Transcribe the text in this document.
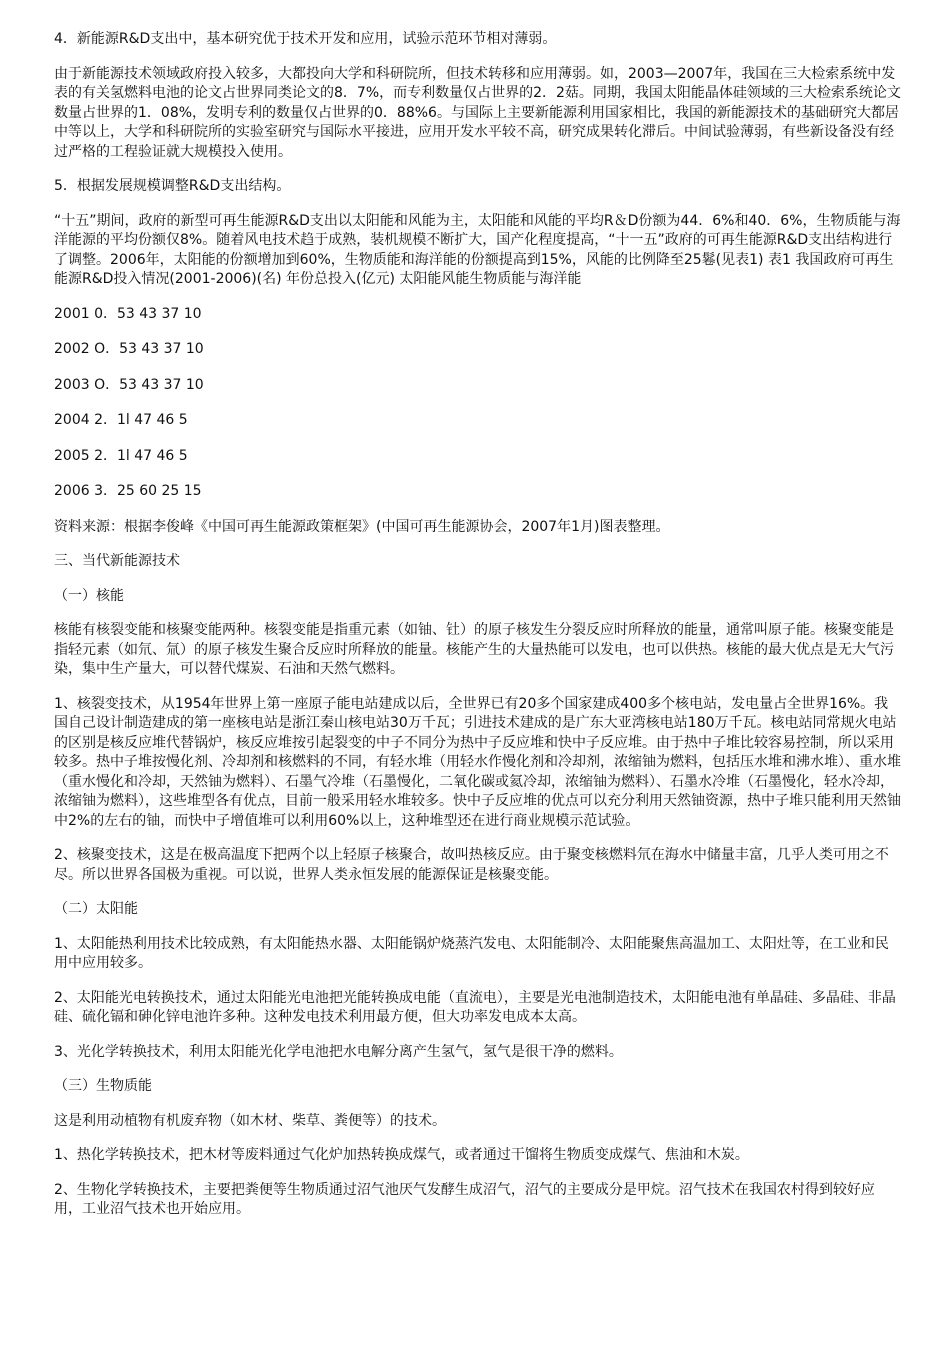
4．新能源R&D支出中，基本研究优于技术开发和应用，试验示范环节相对薄弱。

由于新能源技术领域政府投入较多，大都投向大学和科研院所，但技术转移和应用薄弱。如，2003—2007年，我国在三大检索系统中发表的有关氢燃料电池的论文占世界同类论文的8．7%，而专利数量仅占世界的2．2菇。同期，我国太阳能晶体硅领域的三大检索系统论文数量占世界的1．08%，发明专利的数量仅占世界的0．88%6。与国际上主要新能源利用国家相比，我国的新能源技术的基础研究大都居中等以上，大学和科研院所的实验室研究与国际水平接进，应用开发水平较不高，研究成果转化滞后。中间试验薄弱，有些新设备没有经过严格的工程验证就大规模投入使用。

5．根据发展规模调整R&D支出结构。

“十五”期间，政府的新型可再生能源R&D支出以太阳能和风能为主，太阳能和风能的平均R＆D份额为44．6%和40．6%，生物质能与海洋能源的平均份额仅8%。随着风电技术趋于成熟，装机规模不断扩大，国产化程度提高，“十一五”政府的可再生能源R&D支出结构进行了调整。2006年，太阳能的份额增加到60%，生物质能和海洋能的份额提高到15%，风能的比例降至25鬈(见表1) 表1 我国政府可再生能源R&D投入情况(2001-2006)(名) 年份总投入(亿元) 太阳能风能生物质能与海洋能

2001 0．53 43 37 10

2002 O．53 43 37 10

2003 O．53 43 37 10

2004 2．1l 47 46 5

2005 2．1l 47 46 5

2006 3．25 60 25 15

资料来源：根据李俊峰《中国可再生能源政策框架》(中国可再生能源协会，2007年1月)图表整理。

三、当代新能源技术

（一）核能

核能有核裂变能和核聚变能两种。核裂变能是指重元素（如铀、钍）的原子核发生分裂反应时所释放的能量，通常叫原子能。核聚变能是指轻元素（如氘、氚）的原子核发生聚合反应时所释放的能量。核能产生的大量热能可以发电，也可以供热。核能的最大优点是无大气污染，集中生产量大，可以替代煤炭、石油和天然气燃料。

1、核裂变技术，从1954年世界上第一座原子能电站建成以后，全世界已有20多个国家建成400多个核电站，发电量占全世界16%。我国自己设计制造建成的第一座核电站是浙江秦山核电站30万千瓦；引进技术建成的是广东大亚湾核电站180万千瓦。核电站同常规火电站的区别是核反应堆代替锅炉，核反应堆按引起裂变的中子不同分为热中子反应堆和快中子反应堆。由于热中子堆比较容易控制，所以采用较多。热中子堆按慢化剂、冷却剂和核燃料的不同，有轻水堆（用轻水作慢化剂和冷却剂，浓缩铀为燃料，包括压水堆和沸水堆）、重水堆（重水慢化和冷却，天然铀为燃料）、石墨气冷堆（石墨慢化，二氧化碳或氦冷却，浓缩铀为燃料）、石墨水冷堆（石墨慢化，轻水冷却，浓缩铀为燃料），这些堆型各有优点，目前一般采用轻水堆较多。快中子反应堆的优点可以充分利用天然铀资源，热中子堆只能利用天然铀中2%的左右的铀，而快中子增值堆可以利用60%以上，这种堆型还在进行商业规模示范试验。

2、核聚变技术，这是在极高温度下把两个以上轻原子核聚合，故叫热核反应。由于聚变核燃料氘在海水中储量丰富，几乎人类可用之不尽。所以世界各国极为重视。可以说，世界人类永恒发展的能源保证是核聚变能。

（二）太阳能

1、太阳能热利用技术比较成熟，有太阳能热水器、太阳能锅炉烧蒸汽发电、太阳能制冷、太阳能聚焦高温加工、太阳灶等，在工业和民用中应用较多。

2、太阳能光电转换技术，通过太阳能光电池把光能转换成电能（直流电），主要是光电池制造技术，太阳能电池有单晶硅、多晶硅、非晶硅、硫化镉和砷化锌电池许多种。这种发电技术利用最方便，但大功率发电成本太高。

3、光化学转换技术，利用太阳能光化学电池把水电解分离产生氢气，氢气是很干净的燃料。

（三）生物质能

这是利用动植物有机废弃物（如木材、柴草、粪便等）的技术。

1、热化学转换技术，把木材等废料通过气化炉加热转换成煤气，或者通过干馏将生物质变成煤气、焦油和木炭。

2、生物化学转换技术，主要把粪便等生物质通过沼气池厌气发酵生成沼气，沼气的主要成分是甲烷。沼气技术在我国农村得到较好应用，工业沼气技术也开始应用。
